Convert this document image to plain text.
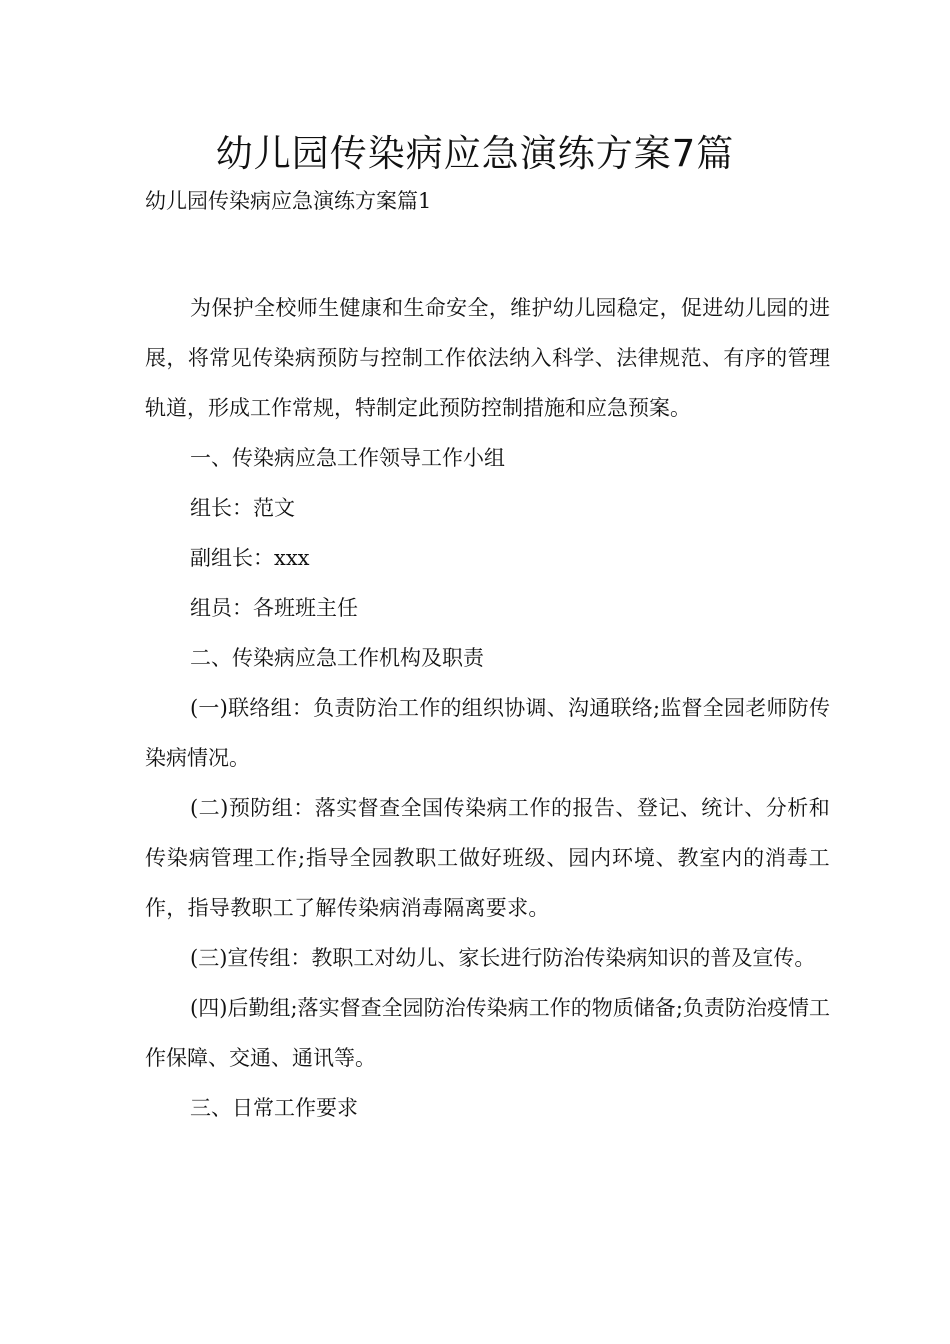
幼儿园传染病应急演练方案7篇

幼儿园传染病应急演练方案篇1

为保护全校师生健康和生命安全，维护幼儿园稳定，促进幼儿园的进展，将常见传染病预防与控制工作依法纳入科学、法律规范、有序的管理轨道，形成工作常规，特制定此预防控制措施和应急预案。

一、传染病应急工作领导工作小组

组长：范文

副组长：xxx

组员：各班班主任

二、传染病应急工作机构及职责

(一)联络组：负责防治工作的组织协调、沟通联络;监督全园老师防传染病情况。

(二)预防组：落实督查全国传染病工作的报告、登记、统计、分析和传染病管理工作;指导全园教职工做好班级、园内环境、教室内的消毒工作，指导教职工了解传染病消毒隔离要求。

(三)宣传组：教职工对幼儿、家长进行防治传染病知识的普及宣传。

(四)后勤组;落实督查全园防治传染病工作的物质储备;负责防治疫情工作保障、交通、通讯等。

三、日常工作要求
